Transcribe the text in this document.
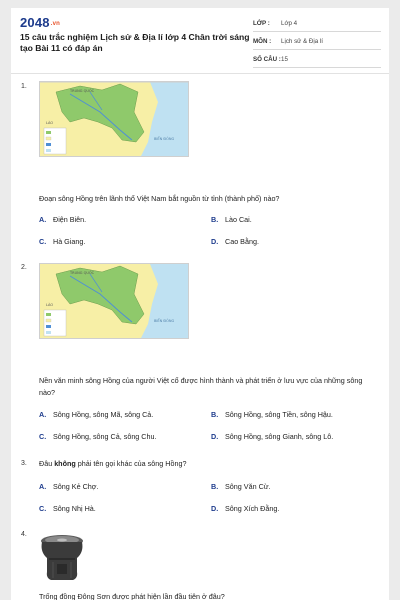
2048.vn
15 câu trắc nghiệm Lịch sử & Địa lí lớp 4 Chân trời sáng tạo Bài 11 có đáp án
LỚP :	Lớp 4
MÔN :	Lịch sử & Địa lí
SỐ CÂU : 15
1.
TRUNG QUỐC
LÀO
BIỂN ĐÔNG
Đoạn sông Hồng trên lãnh thổ Việt Nam bắt nguồn từ tỉnh (thành phố) nào?
A. Điện Biên.	B. Lào Cai.
C. Hà Giang.	D. Cao Bằng.
2.
TRUNG QUỐC
LÀO
BIỂN ĐÔNG
Nền văn minh sông Hồng của người Việt cổ được hình thành và phát triển ở lưu vực của những sông nào?
A. Sông Hồng, sông Mã, sông Cả.	B. Sông Hồng, sông Tiền, sông Hậu.
C. Sông Hồng, sông Cả, sông Chu.	D. Sông Hồng, sông Gianh, sông Lô.
3. Đâu không phải tên gọi khác của sông Hồng?
A. Sông Kẻ Chợ.	B. Sông Văn Cừ.
C. Sông Nhị Hà.	D. Sông Xích Đằng.
4.
Trống đồng Đông Sơn được phát hiện lần đầu tiên ở đâu?
